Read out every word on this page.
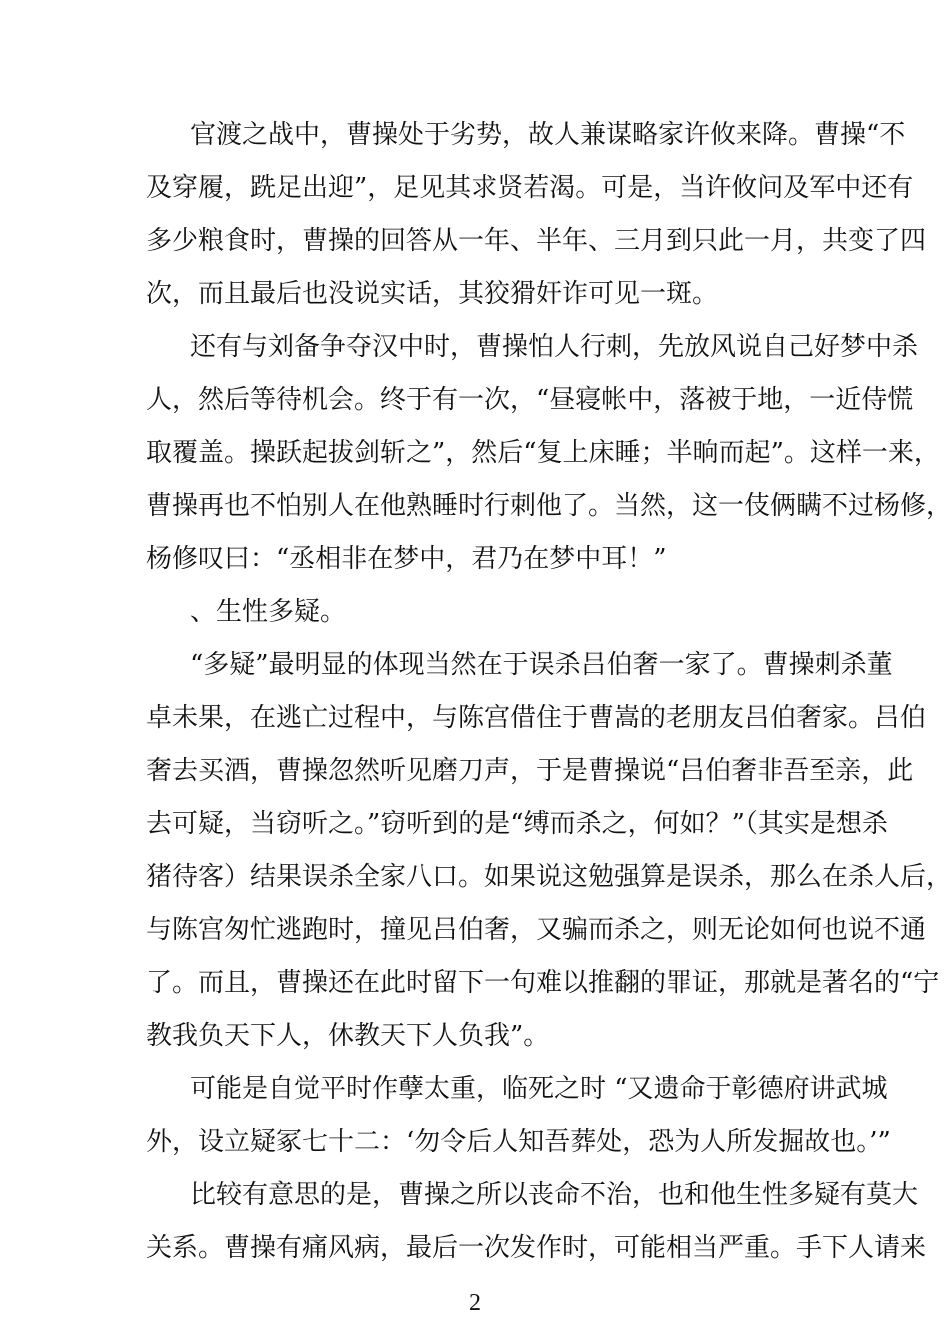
官渡之战中，曹操处于劣势，故人兼谋略家许攸来降。曹操“不
及穿履，跣足出迎”，足见其求贤若渴。可是，当许攸问及军中还有
多少粮食时，曹操的回答从一年、半年、三月到只此一月，共变了四
次，而且最后也没说实话，其狡猾奸诈可见一斑。
还有与刘备争夺汉中时，曹操怕人行刺，先放风说自己好梦中杀
人，然后等待机会。终于有一次，“昼寝帐中，落被于地，一近侍慌
取覆盖。操跃起拔剑斩之”，然后“复上床睡；半晌而起”。这样一来，
曹操再也不怕别人在他熟睡时行刺他了。当然，这一伎俩瞒不过杨修，
杨修叹曰：“丞相非在梦中，君乃在梦中耳！”
、生性多疑。
“多疑”最明显的体现当然在于误杀吕伯奢一家了。曹操刺杀董
卓未果，在逃亡过程中，与陈宫借住于曹嵩的老朋友吕伯奢家。吕伯
奢去买酒，曹操忽然听见磨刀声，于是曹操说“吕伯奢非吾至亲，此
去可疑，当窃听之。”窃听到的是“缚而杀之，何如？”（其实是想杀
猪待客）结果误杀全家八口。如果说这勉强算是误杀，那么在杀人后，
与陈宫匆忙逃跑时，撞见吕伯奢，又骗而杀之，则无论如何也说不通
了。而且，曹操还在此时留下一句难以推翻的罪证，那就是著名的“宁
教我负天下人，休教天下人负我”。
可能是自觉平时作孽太重，临死之时 “又遗命于彰德府讲武城
外，设立疑冢七十二：‘勿令后人知吾葬处，恐为人所发掘故也。’”
比较有意思的是，曹操之所以丧命不治，也和他生性多疑有莫大
关系。曹操有痛风病，最后一次发作时，可能相当严重。手下人请来
2
